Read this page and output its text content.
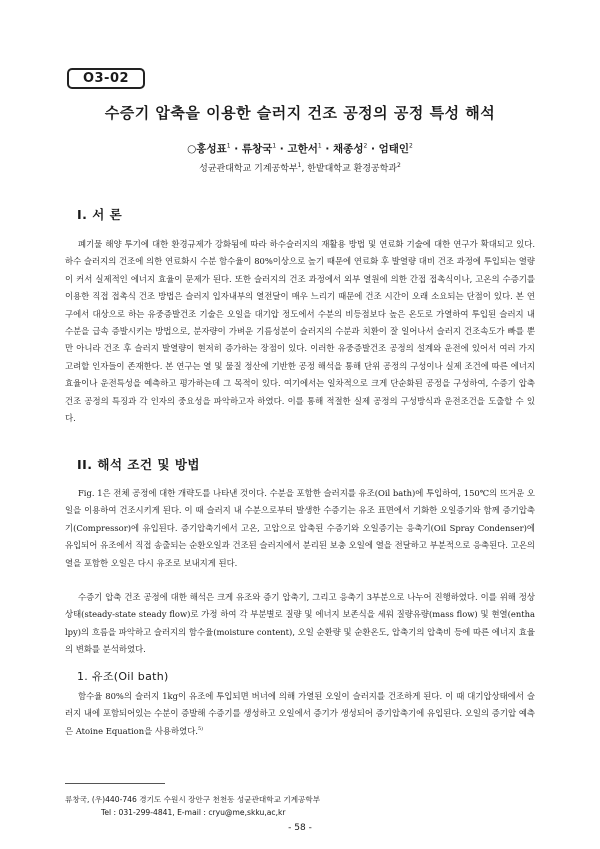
O3-02
수증기 압축을 이용한 슬러지 건조 공정의 공정 특성 해석
○홍성표$^1$ · 류창국$^1$ · 고한서$^1$ · 채종성$^2$ · 엄태인$^2$
성균관대학교 기계공학부$^1$, 한밭대학교 환경공학과$^2$
I. 서 론

폐기물 해양 투기에 대한 환경규제가 강화됨에 따라 하수슬러지의 재활용 방법 및 연료화 기술에 대한 연구가 확대되고 있다. 하수 슬러지의 건조에 의한 연료화시 수분 함수율이 80%이상으로 높기 때문에 연료화 후 발열량 대비 건조 과정에 투입되는 열량이 커서 실제적인 에너지 효율이 문제가 된다. 또한 슬러지의 건조 과정에서 외부 열원에 의한 간접 접촉식이나, 고온의 수증기를 이용한 직접 접촉식 건조 방법은 슬러지 입자내부의 열전달이 매우 느리기 때문에 건조 시간이 오래 소요되는 단점이 있다. 본 연구에서 대상으로 하는 유중증발건조 기술은 오일을 대기압 정도에서 수분의 비등점보다 높은 온도로 가열하여 투입된 슬러지 내 수분을 급속 증발시키는 방법으로, 분자량이 가벼운 기름성분이 슬러지의 수분과 치환이 잘 일어나서 슬러지 건조속도가 빠를 뿐만 아니라 건조 후 슬러지 발열량이 현저히 증가하는 장점이 있다. 이러한 유중증발건조 공정의 설계와 운전에 있어서 여러 가지 고려할 인자들이 존재한다. 본 연구는 열 및 물질 정산에 기반한 공정 해석을 통해 단위 공정의 구성이나 실제 조건에 따른 에너지 효율이나 운전특성을 예측하고 평가하는데 그 목적이 있다. 여기에서는 일차적으로 크게 단순화된 공정을 구성하여, 수증기 압축 건조 공정의 특징과 각 인자의 중요성을 파악하고자 하였다. 이를 통해 적절한 실제 공정의 구성방식과 운전조건을 도출할 수 있다.

II. 해석 조건 및 방법

Fig. 1은 전체 공정에 대한 개략도를 나타낸 것이다. 수분을 포함한 슬러지를 유조(Oil bath)에 투입하여, 150℃의 뜨거운 오일을 이용하여 건조시키게 된다. 이 때 슬러지 내 수분으로부터 발생한 수증기는 유조 표면에서 기화한 오일증기와 함께 증기압축기(Compressor)에 유입된다. 증기압축기에서 고온, 고압으로 압축된 수증기와 오일증기는 응축기(Oil Spray Condenser)에 유입되어 유조에서 직접 송출되는 순환오일과 건조된 슬러지에서 분리된 보충 오일에 열을 전달하고 부분적으로 응축된다. 고온의 열을 포함한 오일은 다시 유조로 보내지게 된다.

수증기 압축 건조 공정에 대한 해석은 크게 유조와 증기 압축기, 그리고 응축기 3부분으로 나누어 진행하였다. 이를 위해 정상상태(steady-state steady flow)로 가정 하여 각 부분별로 질량 및 에너지 보존식을 세워 질량유량(mass flow) 및 현열(enthalpy)의 흐름을 파악하고 슬러지의 함수율(moisture content), 오일 순환량 및 순환온도, 압축기의 압축비 등에 따른 에너지 효율의 변화를 분석하였다.

1. 유조(Oil bath)

함수율 80%의 슬러지 1kg이 유조에 투입되면 버너에 의해 가열된 오일이 슬러지를 건조하게 된다. 이 때 대기압상태에서 슬러지 내에 포함되어있는 수분이 증발해 수증기를 생성하고 오일에서 증기가 생성되어 증기압축기에 유입된다. 오일의 증기압 예측은 Atoine Equation을 사용하였다.$^{5)}$

류창국, (우)440-746 경기도 수원시 장안구 천천동 성균관대학교 기계공학부
Tel : 031-299-4841, E-mail : cryu@me,skku,ac,kr
- 58 -
